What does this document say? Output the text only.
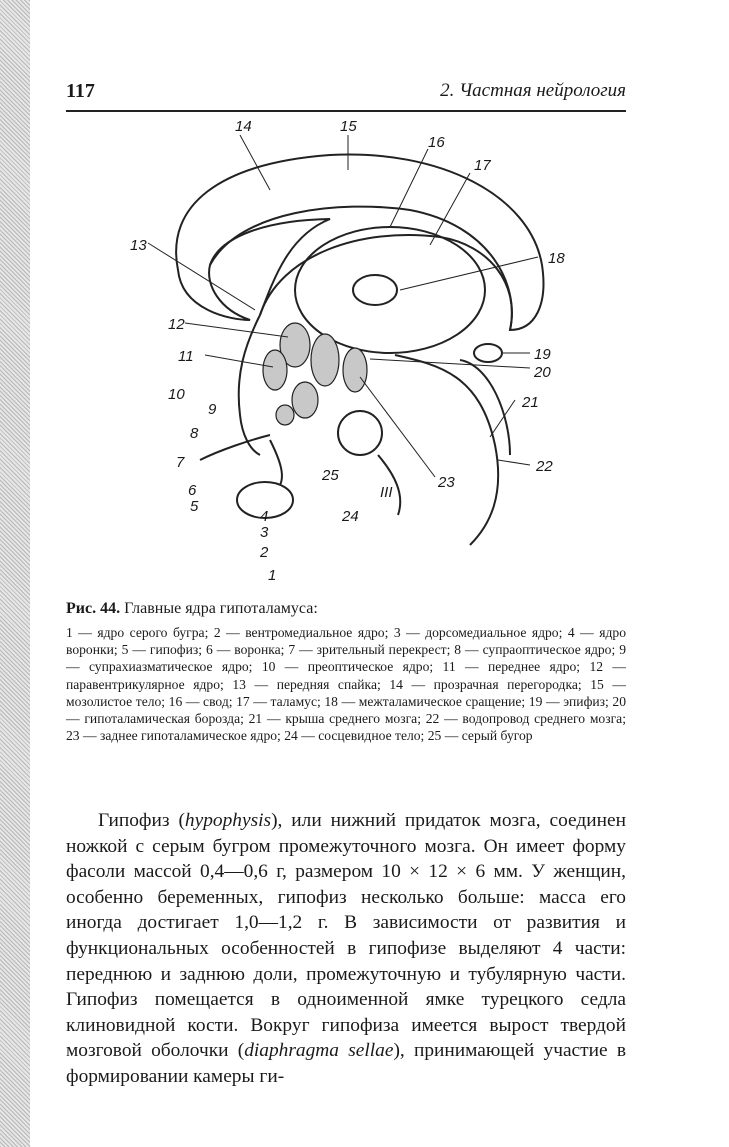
117	2. Частная нейрология
14	15
16
17
18
13
12
11
10
9
8
7
6
5
4
3
2
1
25
24
III
23
22
21
20
19

Рис. 44. Главные ядра гипоталамуса:

1 — ядро серого бугра; 2 — вентромедиальное ядро; 3 — дорсомедиальное ядро; 4 — ядро воронки; 5 — гипофиз; 6 — воронка; 7 — зрительный перекрест; 8 — супраоптическое ядро; 9 — супрахиазматическое ядро; 10 — преоптическое ядро; 11 — переднее ядро; 12 — паравентрикулярное ядро; 13 — передняя спайка; 14 — прозрачная перегородка; 15 — мозолистое тело; 16 — свод; 17 — таламус; 18 — межталамическое сращение; 19 — эпифиз; 20 — гипоталамическая борозда; 21 — крыша среднего мозга; 22 — водопровод среднего мозга; 23 — заднее гипоталамическое ядро; 24 — сосцевидное тело; 25 — серый бугор

Гипофиз (hypophysis), или нижний придаток мозга, соединен ножкой с серым бугром промежуточного мозга. Он имеет форму фасоли массой 0,4—0,6 г, размером 10 × 12 × 6 мм. У женщин, особенно беременных, гипофиз несколько больше: масса его иногда достигает 1,0—1,2 г. В зависимости от развития и функциональных особенностей в гипофизе выделяют 4 части: переднюю и заднюю доли, промежуточную и тубулярную части. Гипофиз помещается в одноименной ямке турецкого седла клиновидной кости. Вокруг гипофиза имеется вырост твердой мозговой оболочки (diaphragma sellae), принимающей участие в формировании камеры ги-
